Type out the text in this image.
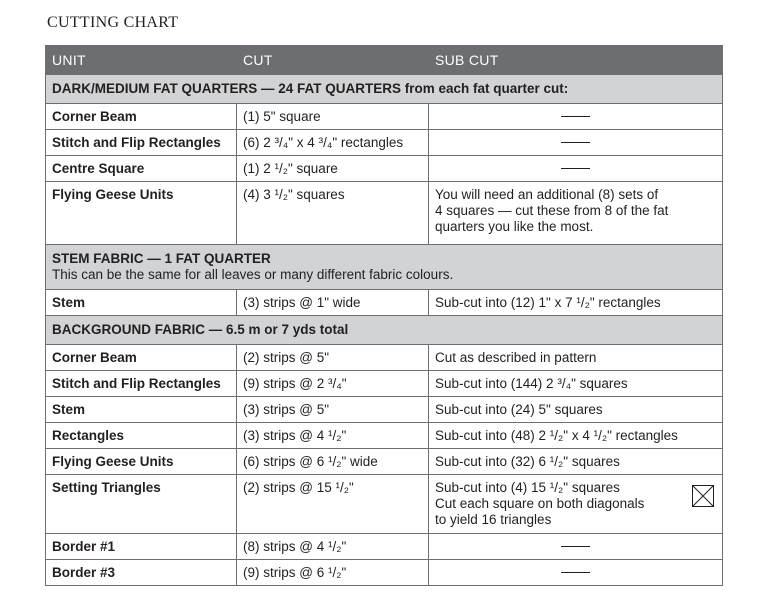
CUTTING CHART
UNIT	CUT	SUB CUT
DARK/MEDIUM FAT QUARTERS — 24 FAT QUARTERS from each fat quarter cut:		
Corner Beam	(1) 5" square	

Stitch and Flip Rectangles	(6) 2 ³/₄" x 4 ³/₄" rectangles	

Centre Square	(1) 2 ¹/₂" square	

Flying Geese Units	(4) 3 ¹/₂" squares	You will need an additional (8) sets of
4 squares — cut these from 8 of the fat
quarters you like the most.

STEM FABRIC — 1 FAT QUARTER
This can be the same for all leaves or many different fabric colours.		

Stem	(3) strips @ 1" wide	Sub-cut into (12) 1" x 7 ¹/₂" rectangles
BACKGROUND FABRIC — 6.5 m or 7 yds total		
Corner Beam	(2) strips @ 5"	Cut as described in pattern
Stitch and Flip Rectangles	(9) strips @ 2 ³/₄"	Sub-cut into (144) 2 ³/₄" squares
Stem	(3) strips @ 5"	Sub-cut into (24) 5" squares
Rectangles	(3) strips @ 4 ¹/₂"	Sub-cut into (48) 2 ¹/₂" x 4 ¹/₂" rectangles
Flying Geese Units	(6) strips @ 6 ¹/₂" wide	Sub-cut into (32) 6 ¹/₂" squares
Setting Triangles	(2) strips @ 15 ¹/₂"	Sub-cut into (4) 15 ¹/₂" squares
Cut each square on both diagonals
to yield 16 triangles

Border #1	(8) strips @ 4 ¹/₂"	

Border #3	(9) strips @ 6 ¹/₂"	
